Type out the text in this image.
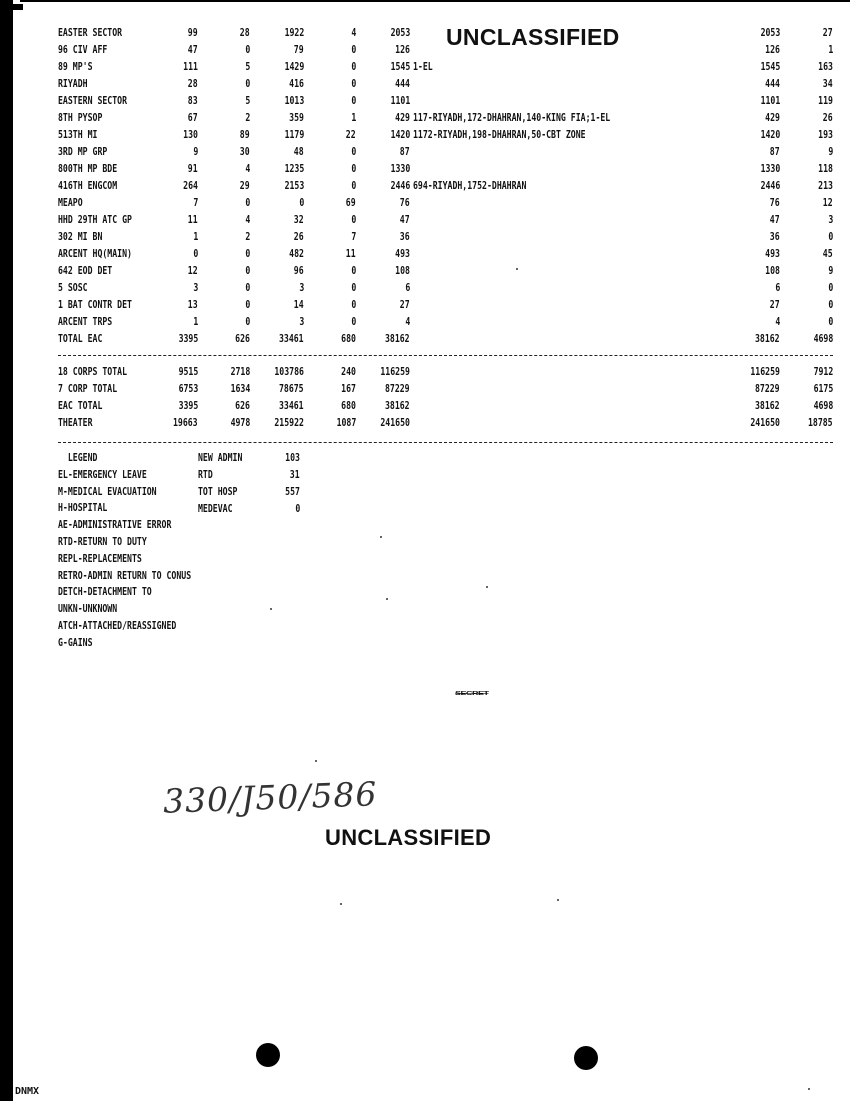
UNCLASSIFIED
EASTER SECTOR	99	28	1922	4	2053	2053	27
96 CIV AFF	47	0	79	0	126	126	1
89 MP'S	111	5	1429	0	1545 1-EL	1545	163
RIYADH	28	0	416	0	444	444	34
EASTERN SECTOR	83	5	1013	0	1101	1101	119
8TH PYSOP	67	2	359	1	429 117-RIYADH,172-DHAHRAN,140-KING FIA;1-EL	429	26
513TH MI	130	89	1179	22	1420 1172-RIYADH,198-DHAHRAN,50-CBT ZONE	1420	193
3RD MP GRP	9	30	48	0	87	87	9
800TH MP BDE	91	4	1235	0	1330	1330	118
416TH ENGCOM	264	29	2153	0	2446 694-RIYADH,1752-DHAHRAN	2446	213
MEAPO	7	0	0	69	76	76	12
HHD 29TH ATC GP	11	4	32	0	47	47	3
302 MI BN	1	2	26	7	36	36	0
ARCENT HQ(MAIN)	0	0	482	11	493	493	45
642 EOD DET	12	0	96	0	108	108	9
5 SOSC	3	0	3	0	6	6	0
1 BAT CONTR DET	13	0	14	0	27	27	0
ARCENT TRPS	1	0	3	0	4	4	0
TOTAL EAC	3395	626	33461	680	38162	38162	4698
18 CORPS TOTAL	9515	2718 103786	240 116259	116259	7912
7 CORP TOTAL	6753	1634	78675	167	87229	87229	6175
EAC TOTAL	3395	626	33461	680	38162	38162	4698
THEATER	19663	4978 215922	1087 241650	241650	18785
LEGEND
EL-EMERGENCY LEAVE
M-MEDICAL EVACUATION
H-HOSPITAL
AE-ADMINISTRATIVE ERROR
RTD-RETURN TO DUTY
REPL-REPLACEMENTS
RETRO-ADMIN RETURN TO CONUS
DETCH-DETACHMENT TO
UNKN-UNKNOWN
ATCH-ATTACHED/REASSIGNED
G-GAINS
NEW ADMIN	103
RTD	31
TOT HOSP	557
MEDEVAC	0
SECRET
330/J50/586
UNCLASSIFIED
DNMX
